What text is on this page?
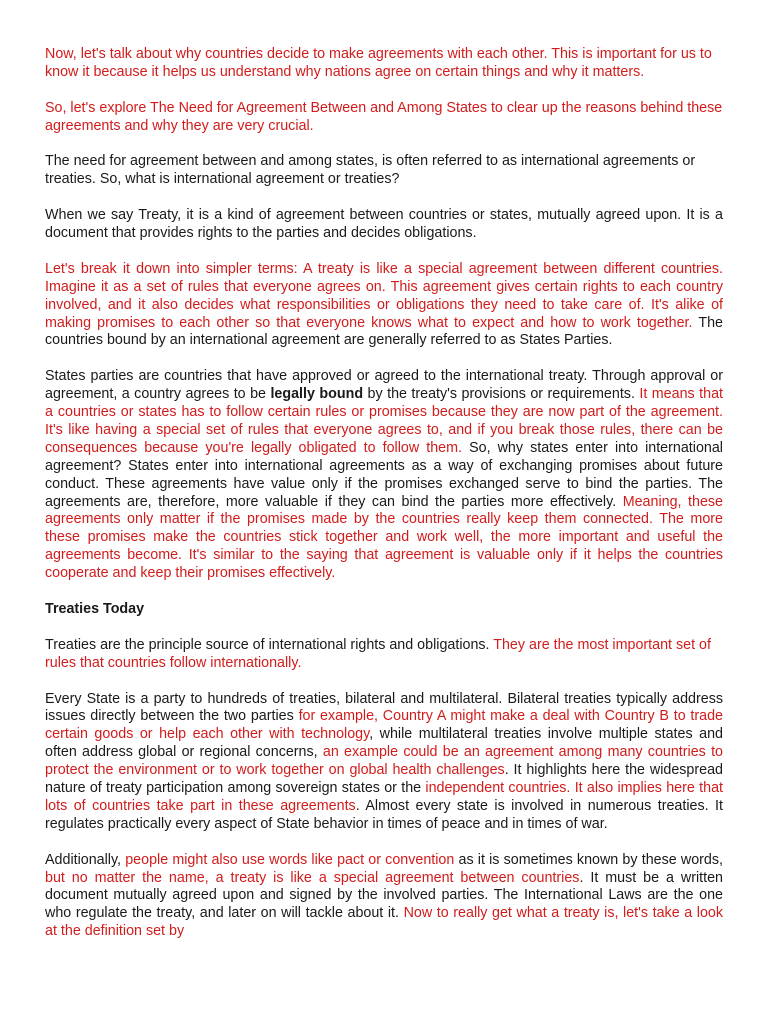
Now, let's talk about why countries decide to make agreements with each other. This is important for us to know it because it helps us understand why nations agree on certain things and why it matters.

So, let's explore The Need for Agreement Between and Among States to clear up the reasons behind these agreements and why they are very crucial.

The need for agreement between and among states, is often referred to as international agreements or treaties. So, what is international agreement or treaties?

When we say Treaty, it is a kind of agreement between countries or states, mutually agreed upon. It is a document that provides rights to the parties and decides obligations.

Let's break it down into simpler terms: A treaty is like a special agreement between different countries. Imagine it as a set of rules that everyone agrees on. This agreement gives certain rights to each country involved, and it also decides what responsibilities or obligations they need to take care of. It's alike of making promises to each other so that everyone knows what to expect and how to work together. The countries bound by an international agreement are generally referred to as States Parties.

States parties are countries that have approved or agreed to the international treaty. Through approval or agreement, a country agrees to be legally bound by the treaty's provisions or requirements. It means that a countries or states has to follow certain rules or promises because they are now part of the agreement. It's like having a special set of rules that everyone agrees to, and if you break those rules, there can be consequences because you're legally obligated to follow them. So, why states enter into international agreement? States enter into international agreements as a way of exchanging promises about future conduct. These agreements have value only if the promises exchanged serve to bind the parties. The agreements are, therefore, more valuable if they can bind the parties more effectively. Meaning, these agreements only matter if the promises made by the countries really keep them connected. The more these promises make the countries stick together and work well, the more important and useful the agreements become. It's similar to the saying that agreement is valuable only if it helps the countries cooperate and keep their promises effectively.

Treaties Today

Treaties are the principle source of international rights and obligations. They are the most important set of rules that countries follow internationally.

Every State is a party to hundreds of treaties, bilateral and multilateral. Bilateral treaties typically address issues directly between the two parties for example, Country A might make a deal with Country B to trade certain goods or help each other with technology, while multilateral treaties involve multiple states and often address global or regional concerns, an example could be an agreement among many countries to protect the environment or to work together on global health challenges. It highlights here the widespread nature of treaty participation among sovereign states or the independent countries. It also implies here that lots of countries take part in these agreements. Almost every state is involved in numerous treaties. It regulates practically every aspect of State behavior in times of peace and in times of war.

Additionally, people might also use words like pact or convention as it is sometimes known by these words, but no matter the name, a treaty is like a special agreement between countries. It must be a written document mutually agreed upon and signed by the involved parties. The International Laws are the one who regulate the treaty, and later on will tackle about it. Now to really get what a treaty is, let's take a look at the definition set by
